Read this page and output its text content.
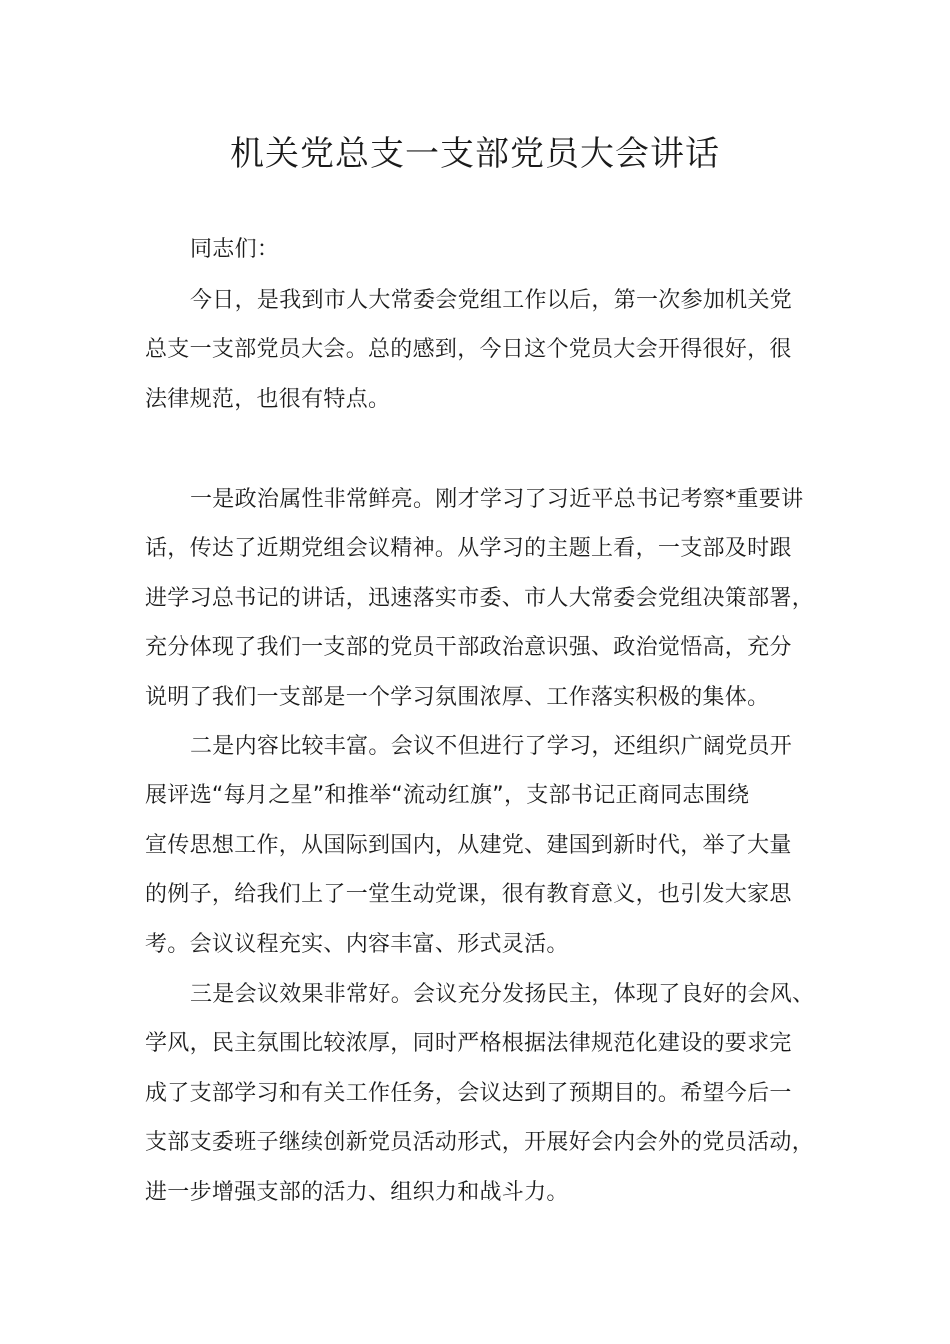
机关党总支一支部党员大会讲话

同志们：

今日，是我到市人大常委会党组工作以后，第一次参加机关党
总支一支部党员大会。总的感到，今日这个党员大会开得很好，很
法律规范，也很有特点。

一是政治属性非常鲜亮。刚才学习了习近平总书记考察*重要讲
话，传达了近期党组会议精神。从学习的主题上看，一支部及时跟
进学习总书记的讲话，迅速落实市委、市人大常委会党组决策部署，
充分体现了我们一支部的党员干部政治意识强、政治觉悟高，充分
说明了我们一支部是一个学习氛围浓厚、工作落实积极的集体。

二是内容比较丰富。会议不但进行了学习，还组织广阔党员开
展评选“每月之星”和推举“流动红旗”，支部书记正商同志围绕
宣传思想工作，从国际到国内，从建党、建国到新时代，举了大量
的例子，给我们上了一堂生动党课，很有教育意义，也引发大家思
考。会议议程充实、内容丰富、形式灵活。

三是会议效果非常好。会议充分发扬民主，体现了良好的会风、
学风，民主氛围比较浓厚，同时严格根据法律规范化建设的要求完
成了支部学习和有关工作任务，会议达到了预期目的。希望今后一
支部支委班子继续创新党员活动形式，开展好会内会外的党员活动，
进一步增强支部的活力、组织力和战斗力。
